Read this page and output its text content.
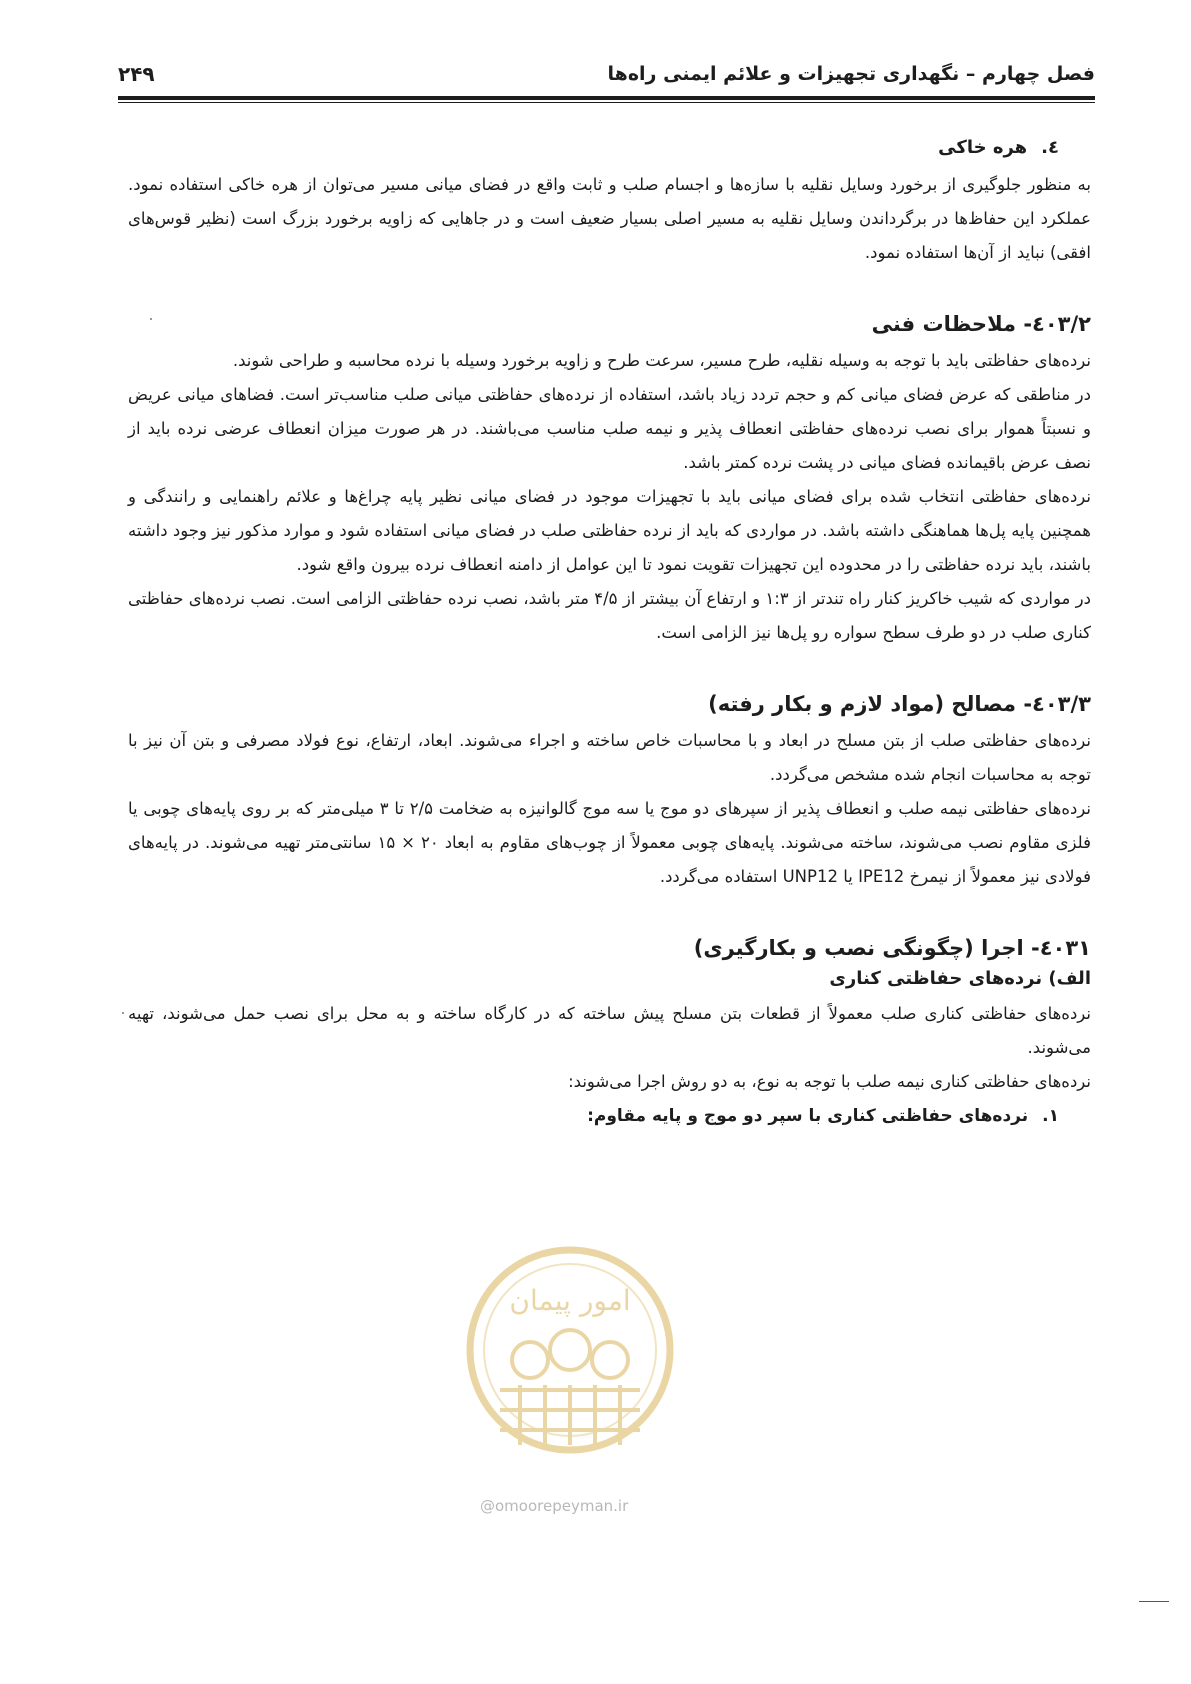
فصل چهارم – نگهداری تجهیزات و علائم ایمنی راه‌ها
۲۴۹
٤.هره خاکی

به منظور جلوگیری از برخورد وسایل نقلیه با سازه‌ها و اجسام صلب و ثابت واقع در فضای میانی مسیر می‌توان از هره خاکی استفاده نمود. عملکرد این حفاظ‌ها در برگرداندن وسایل نقلیه به مسیر اصلی بسیار ضعیف است و در جاهایی که زاویه برخورد بزرگ است (نظیر قوس‌های افقی) نباید از آن‌ها استفاده نمود.

٤٠٣/٢- ملاحظات فنی

نرده‌های حفاظتی باید با توجه به وسیله نقلیه، طرح مسیر، سرعت طرح و زاویه برخورد وسیله با نرده محاسبه و طراحی شوند.

در مناطقی که عرض فضای میانی کم و حجم تردد زیاد باشد، استفاده از نرده‌های حفاظتی میانی صلب مناسب‌تر است. فضاهای میانی عریض و نسبتاً هموار برای نصب نرده‌های حفاظتی انعطاف پذیر و نیمه صلب مناسب می‌باشند. در هر صورت میزان انعطاف عرضی نرده باید از نصف عرض باقیمانده فضای میانی در پشت نرده کمتر باشد.

نرده‌های حفاظتی انتخاب شده برای فضای میانی باید با تجهیزات موجود در فضای میانی نظیر پایه چراغ‌ها و علائم راهنمایی و رانندگی و همچنین پایه پل‌ها هماهنگی داشته باشد. در مواردی که باید از نرده حفاظتی صلب در فضای میانی استفاده شود و موارد مذکور نیز وجود داشته باشند، باید نرده حفاظتی را در محدوده این تجهیزات تقویت نمود تا این عوامل از دامنه انعطاف نرده بیرون واقع شود.

در مواردی که شیب خاکریز کنار راه تندتر از ۱:۳ و ارتفاع آن بیشتر از ۴/۵ متر باشد، نصب نرده حفاظتی الزامی است. نصب نرده‌های حفاظتی کناری صلب در دو طرف سطح سواره رو پل‌ها نیز الزامی است.

٤٠٣/٣- مصالح (مواد لازم و بکار رفته)

نرده‌های حفاظتی صلب از بتن مسلح در ابعاد و با محاسبات خاص ساخته و اجراء می‌شوند. ابعاد، ارتفاع، نوع فولاد مصرفی و بتن آن نیز با توجه به محاسبات انجام شده مشخص می‌گردد.

نرده‌های حفاظتی نیمه صلب و انعطاف پذیر از سپرهای دو موج یا سه موج گالوانیزه به ضخامت ۲/۵ تا ۳ میلی‌متر که بر روی پایه‌های چوبی یا فلزی مقاوم نصب می‌شوند، ساخته می‌شوند. پایه‌های چوبی معمولاً از چوب‌های مقاوم به ابعاد ۲۰ × ۱۵ سانتی‌متر تهیه می‌شوند. در پایه‌های فولادی نیز معمولاً از نیمرخ IPE12 یا UNP12 استفاده می‌گردد.

٤٠٣١- اجرا (چگونگی نصب و بکارگیری)
الف) نرده‌های حفاظتی کناری

نرده‌های حفاظتی کناری صلب معمولاً از قطعات بتن مسلح پیش ساخته که در کارگاه ساخته و به محل برای نصب حمل می‌شوند، تهیه می‌شوند.

نرده‌های حفاظتی کناری نیمه صلب با توجه به نوع، به دو روش اجرا می‌شوند:

۱.نرده‌های حفاظتی کناری با سپر دو موج و پایه مقاوم:
امور پیمان
@omoorepeyman.ir
